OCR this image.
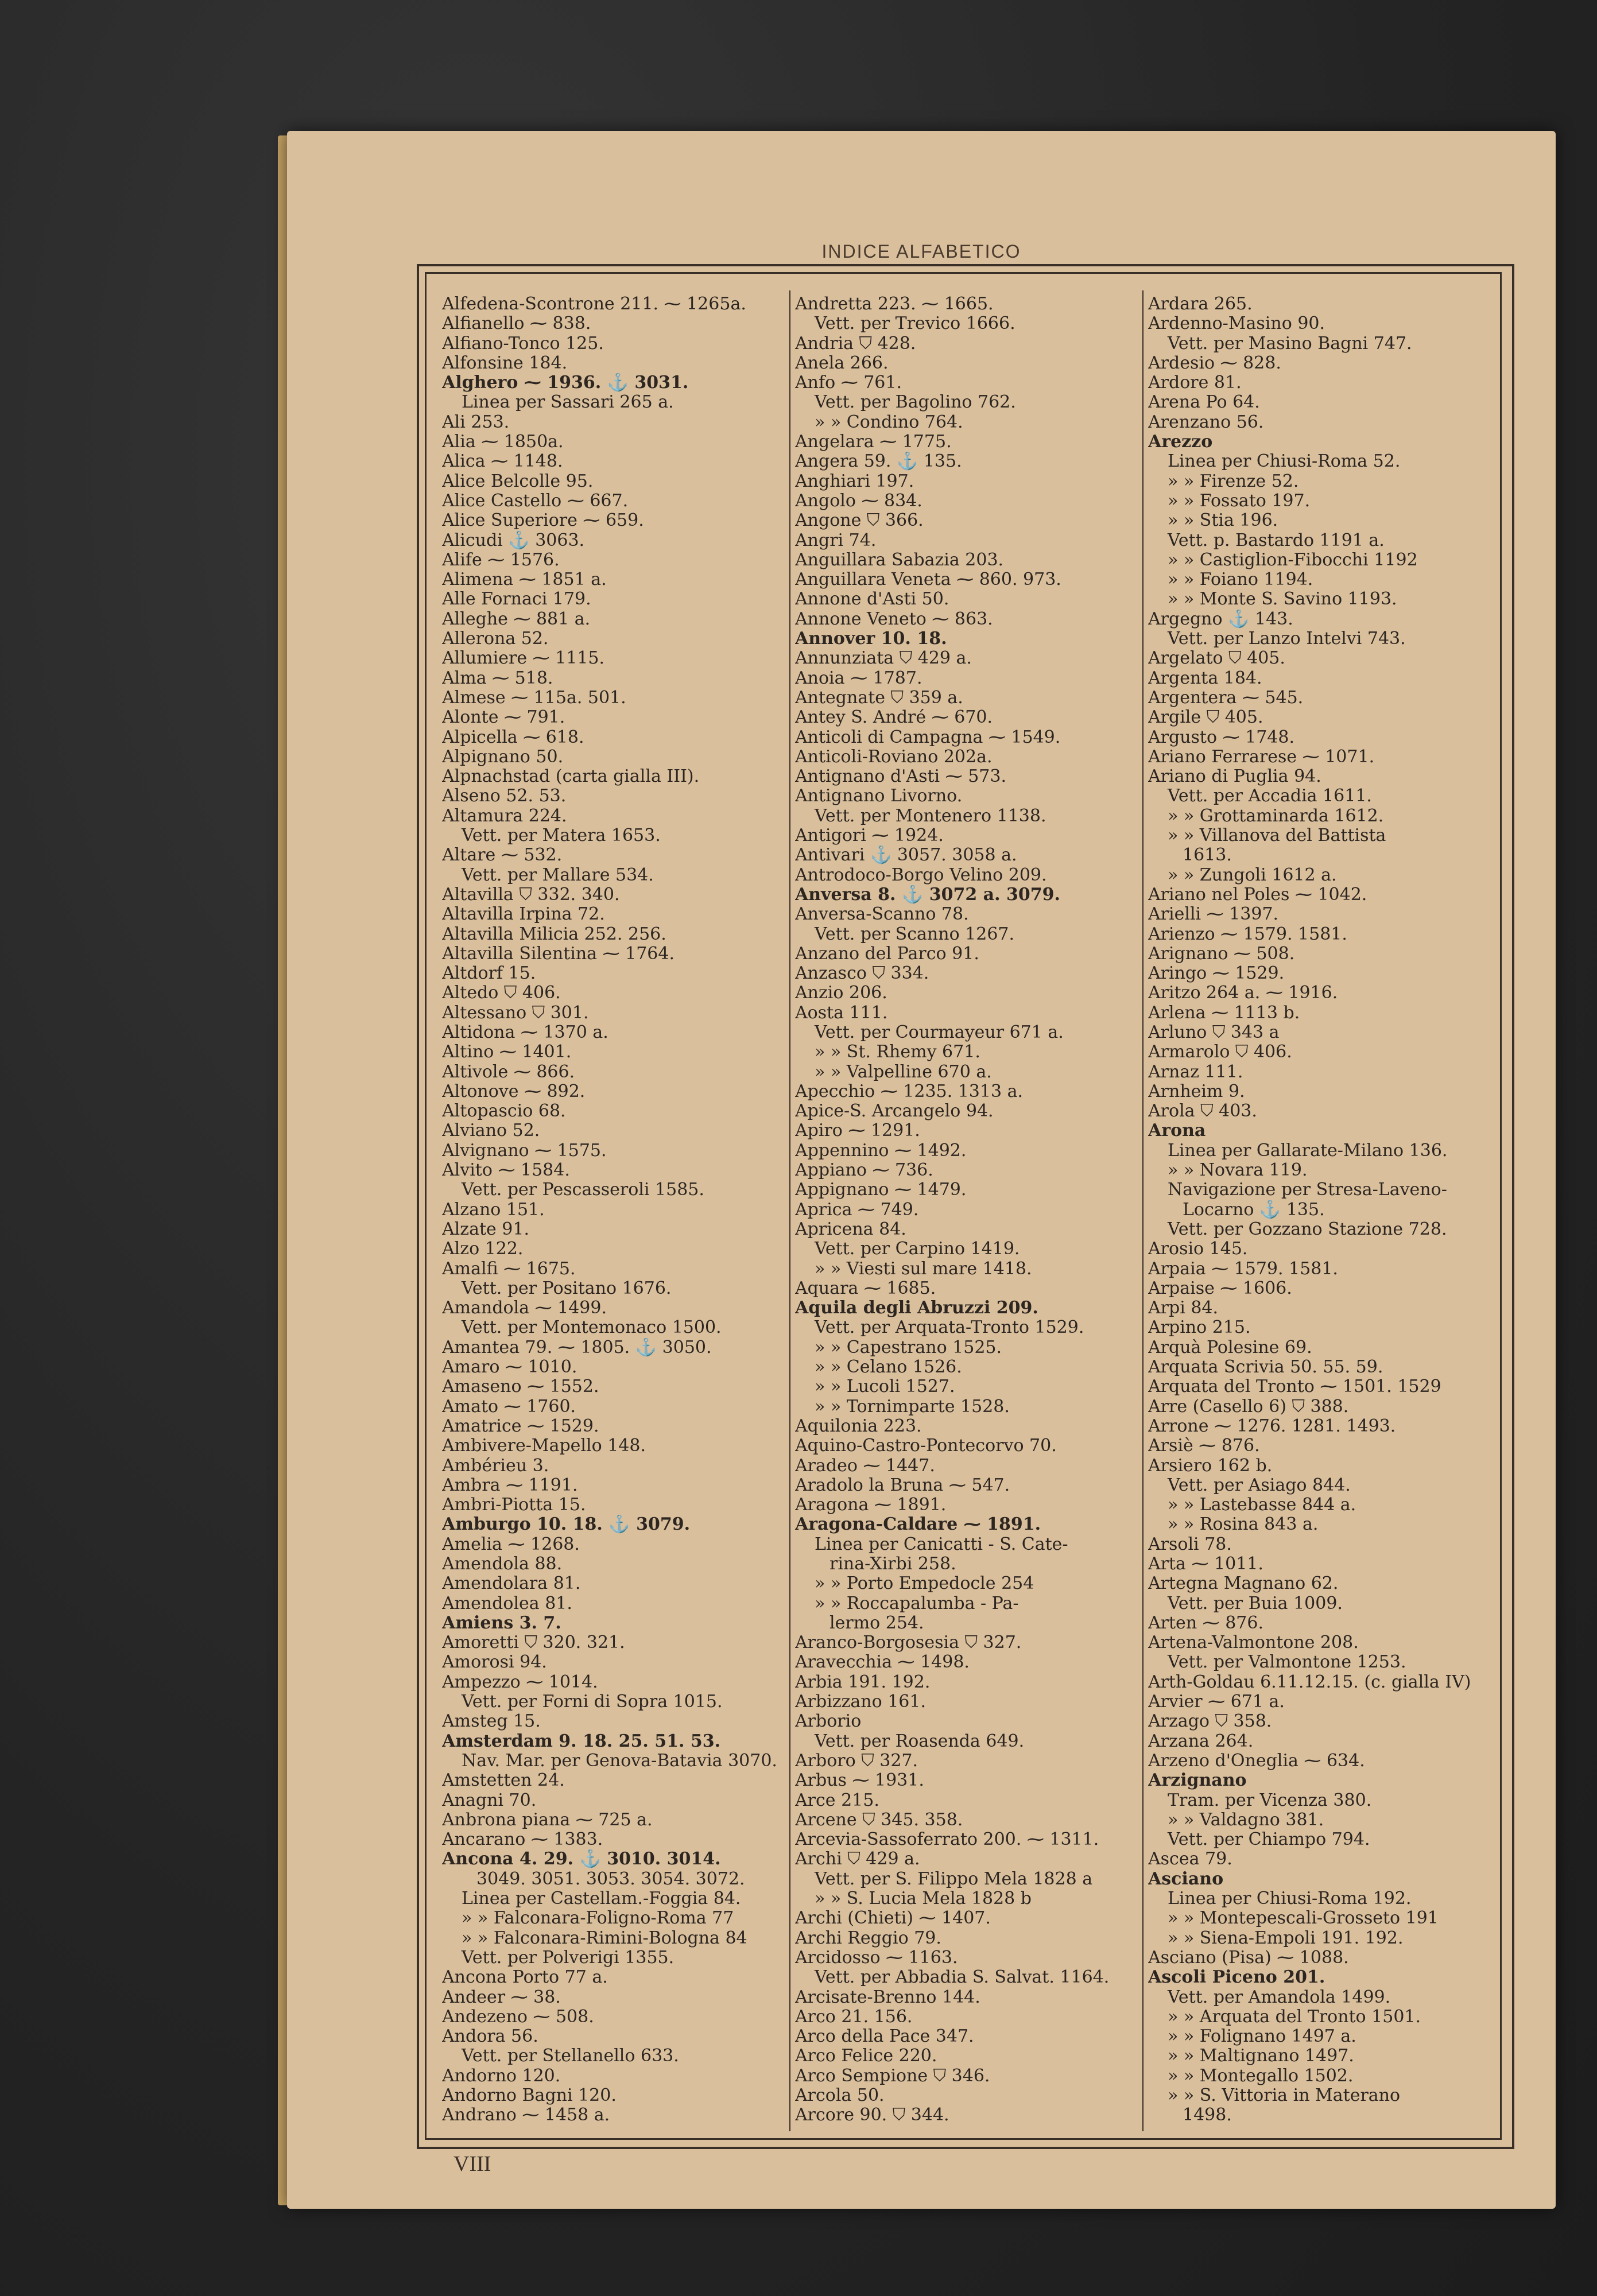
INDICE ALFABETICO
Alfedena-Scontrone 211. ⁓ 1265a.
Alfianello ⁓ 838.
Alfiano-Tonco 125.
Alfonsine 184.
Alghero ⁓ 1936. ⚓ 3031.
Linea per Sassari 265 a.
Ali 253.
Alia ⁓ 1850a.
Alica ⁓ 1148.
Alice Belcolle 95.
Alice Castello ⁓ 667.
Alice Superiore ⁓ 659.
Alicudi ⚓ 3063.
Alife ⁓ 1576.
Alimena ⁓ 1851 a.
Alle Fornaci 179.
Alleghe ⁓ 881 a.
Allerona 52.
Allumiere ⁓ 1115.
Alma ⁓ 518.
Almese ⁓ 115a. 501.
Alonte ⁓ 791.
Alpicella ⁓ 618.
Alpignano 50.
Alpnachstad (carta gialla III).
Alseno 52. 53.
Altamura 224.
Vett. per Matera 1653.
Altare ⁓ 532.
Vett. per Mallare 534.
Altavilla ⛉ 332. 340.
Altavilla Irpina 72.
Altavilla Milicia 252. 256.
Altavilla Silentina ⁓ 1764.
Altdorf 15.
Altedo ⛉ 406.
Altessano ⛉ 301.
Altidona ⁓ 1370 a.
Altino ⁓ 1401.
Altivole ⁓ 866.
Altonove ⁓ 892.
Altopascio 68.
Alviano 52.
Alvignano ⁓ 1575.
Alvito ⁓ 1584.
Vett. per Pescasseroli 1585.
Alzano 151.
Alzate 91.
Alzo 122.
Amalfi ⁓ 1675.
Vett. per Positano 1676.
Amandola ⁓ 1499.
Vett. per Montemonaco 1500.
Amantea 79. ⁓ 1805. ⚓ 3050.
Amaro ⁓ 1010.
Amaseno ⁓ 1552.
Amato ⁓ 1760.
Amatrice ⁓ 1529.
Ambivere-Mapello 148.
Ambérieu 3.
Ambra ⁓ 1191.
Ambri-Piotta 15.
Amburgo 10. 18. ⚓ 3079.
Amelia ⁓ 1268.
Amendola 88.
Amendolara 81.
Amendolea 81.
Amiens 3. 7.
Amoretti ⛉ 320. 321.
Amorosi 94.
Ampezzo ⁓ 1014.
Vett. per Forni di Sopra 1015.
Amsteg 15.
Amsterdam 9. 18. 25. 51. 53.
Nav. Mar. per Genova-Batavia 3070.
Amstetten 24.
Anagni 70.
Anbrona piana ⁓ 725 a.
Ancarano ⁓ 1383.
Ancona 4. 29. ⚓ 3010. 3014.
3049. 3051. 3053. 3054. 3072.
Linea per Castellam.-Foggia 84.
» » Falconara-Foligno-Roma 77
» » Falconara-Rimini-Bologna 84
Vett. per Polverigi 1355.
Ancona Porto 77 a.
Andeer ⁓ 38.
Andezeno ⁓ 508.
Andora 56.
Vett. per Stellanello 633.
Andorno 120.
Andorno Bagni 120.
Andrano ⁓ 1458 a.
Andretta 223. ⁓ 1665.
Vett. per Trevico 1666.
Andria ⛉ 428.
Anela 266.
Anfo ⁓ 761.
Vett. per Bagolino 762.
» » Condino 764.
Angelara ⁓ 1775.
Angera 59. ⚓ 135.
Anghiari 197.
Angolo ⁓ 834.
Angone ⛉ 366.
Angri 74.
Anguillara Sabazia 203.
Anguillara Veneta ⁓ 860. 973.
Annone d'Asti 50.
Annone Veneto ⁓ 863.
Annover 10. 18.
Annunziata ⛉ 429 a.
Anoia ⁓ 1787.
Antegnate ⛉ 359 a.
Antey S. André ⁓ 670.
Anticoli di Campagna ⁓ 1549.
Anticoli-Roviano 202a.
Antignano d'Asti ⁓ 573.
Antignano Livorno.
Vett. per Montenero 1138.
Antigori ⁓ 1924.
Antivari ⚓ 3057. 3058 a.
Antrodoco-Borgo Velino 209.
Anversa 8. ⚓ 3072 a. 3079.
Anversa-Scanno 78.
Vett. per Scanno 1267.
Anzano del Parco 91.
Anzasco ⛉ 334.
Anzio 206.
Aosta 111.
Vett. per Courmayeur 671 a.
» » St. Rhemy 671.
» » Valpelline 670 a.
Apecchio ⁓ 1235. 1313 a.
Apice-S. Arcangelo 94.
Apiro ⁓ 1291.
Appennino ⁓ 1492.
Appiano ⁓ 736.
Appignano ⁓ 1479.
Aprica ⁓ 749.
Apricena 84.
Vett. per Carpino 1419.
» » Viesti sul mare 1418.
Aquara ⁓ 1685.
Aquila degli Abruzzi 209.
Vett. per Arquata-Tronto 1529.
» » Capestrano 1525.
» » Celano 1526.
» » Lucoli 1527.
» » Tornimparte 1528.
Aquilonia 223.
Aquino-Castro-Pontecorvo 70.
Aradeo ⁓ 1447.
Aradolo la Bruna ⁓ 547.
Aragona ⁓ 1891.
Aragona-Caldare ⁓ 1891.
Linea per Canicatti - S. Cate-
rina-Xirbi 258.
» » Porto Empedocle 254
» » Roccapalumba - Pa-
lermo 254.
Aranco-Borgosesia ⛉ 327.
Aravecchia ⁓ 1498.
Arbia 191. 192.
Arbizzano 161.
Arborio
Vett. per Roasenda 649.
Arboro ⛉ 327.
Arbus ⁓ 1931.
Arce 215.
Arcene ⛉ 345. 358.
Arcevia-Sassoferrato 200. ⁓ 1311.
Archi ⛉ 429 a.
Vett. per S. Filippo Mela 1828 a
» » S. Lucia Mela 1828 b
Archi (Chieti) ⁓ 1407.
Archi Reggio 79.
Arcidosso ⁓ 1163.
Vett. per Abbadia S. Salvat. 1164.
Arcisate-Brenno 144.
Arco 21. 156.
Arco della Pace 347.
Arco Felice 220.
Arco Sempione ⛉ 346.
Arcola 50.
Arcore 90. ⛉ 344.
Ardara 265.
Ardenno-Masino 90.
Vett. per Masino Bagni 747.
Ardesio ⁓ 828.
Ardore 81.
Arena Po 64.
Arenzano 56.
Arezzo
Linea per Chiusi-Roma 52.
» » Firenze 52.
» » Fossato 197.
» » Stia 196.
Vett. p. Bastardo 1191 a.
» » Castiglion-Fibocchi 1192
» » Foiano 1194.
» » Monte S. Savino 1193.
Argegno ⚓ 143.
Vett. per Lanzo Intelvi 743.
Argelato ⛉ 405.
Argenta 184.
Argentera ⁓ 545.
Argile ⛉ 405.
Argusto ⁓ 1748.
Ariano Ferrarese ⁓ 1071.
Ariano di Puglia 94.
Vett. per Accadia 1611.
» » Grottaminarda 1612.
» » Villanova del Battista
1613.
» » Zungoli 1612 a.
Ariano nel Poles ⁓ 1042.
Arielli ⁓ 1397.
Arienzo ⁓ 1579. 1581.
Arignano ⁓ 508.
Aringo ⁓ 1529.
Aritzo 264 a. ⁓ 1916.
Arlena ⁓ 1113 b.
Arluno ⛉ 343 a
Armarolo ⛉ 406.
Arnaz 111.
Arnheim 9.
Arola ⛉ 403.
Arona
Linea per Gallarate-Milano 136.
» » Novara 119.
Navigazione per Stresa-Laveno-
Locarno ⚓ 135.
Vett. per Gozzano Stazione 728.
Arosio 145.
Arpaia ⁓ 1579. 1581.
Arpaise ⁓ 1606.
Arpi 84.
Arpino 215.
Arquà Polesine 69.
Arquata Scrivia 50. 55. 59.
Arquata del Tronto ⁓ 1501. 1529
Arre (Casello 6) ⛉ 388.
Arrone ⁓ 1276. 1281. 1493.
Arsiè ⁓ 876.
Arsiero 162 b.
Vett. per Asiago 844.
» » Lastebasse 844 a.
» » Rosina 843 a.
Arsoli 78.
Arta ⁓ 1011.
Artegna Magnano 62.
Vett. per Buia 1009.
Arten ⁓ 876.
Artena-Valmontone 208.
Vett. per Valmontone 1253.
Arth-Goldau 6.11.12.15. (c. gialla IV)
Arvier ⁓ 671 a.
Arzago ⛉ 358.
Arzana 264.
Arzeno d'Oneglia ⁓ 634.
Arzignano
Tram. per Vicenza 380.
» » Valdagno 381.
Vett. per Chiampo 794.
Ascea 79.
Asciano
Linea per Chiusi-Roma 192.
» » Montepescali-Grosseto 191
» » Siena-Empoli 191. 192.
Asciano (Pisa) ⁓ 1088.
Ascoli Piceno 201.
Vett. per Amandola 1499.
» » Arquata del Tronto 1501.
» » Folignano 1497 a.
» » Maltignano 1497.
» » Montegallo 1502.
» » S. Vittoria in Materano
1498.
VIII
